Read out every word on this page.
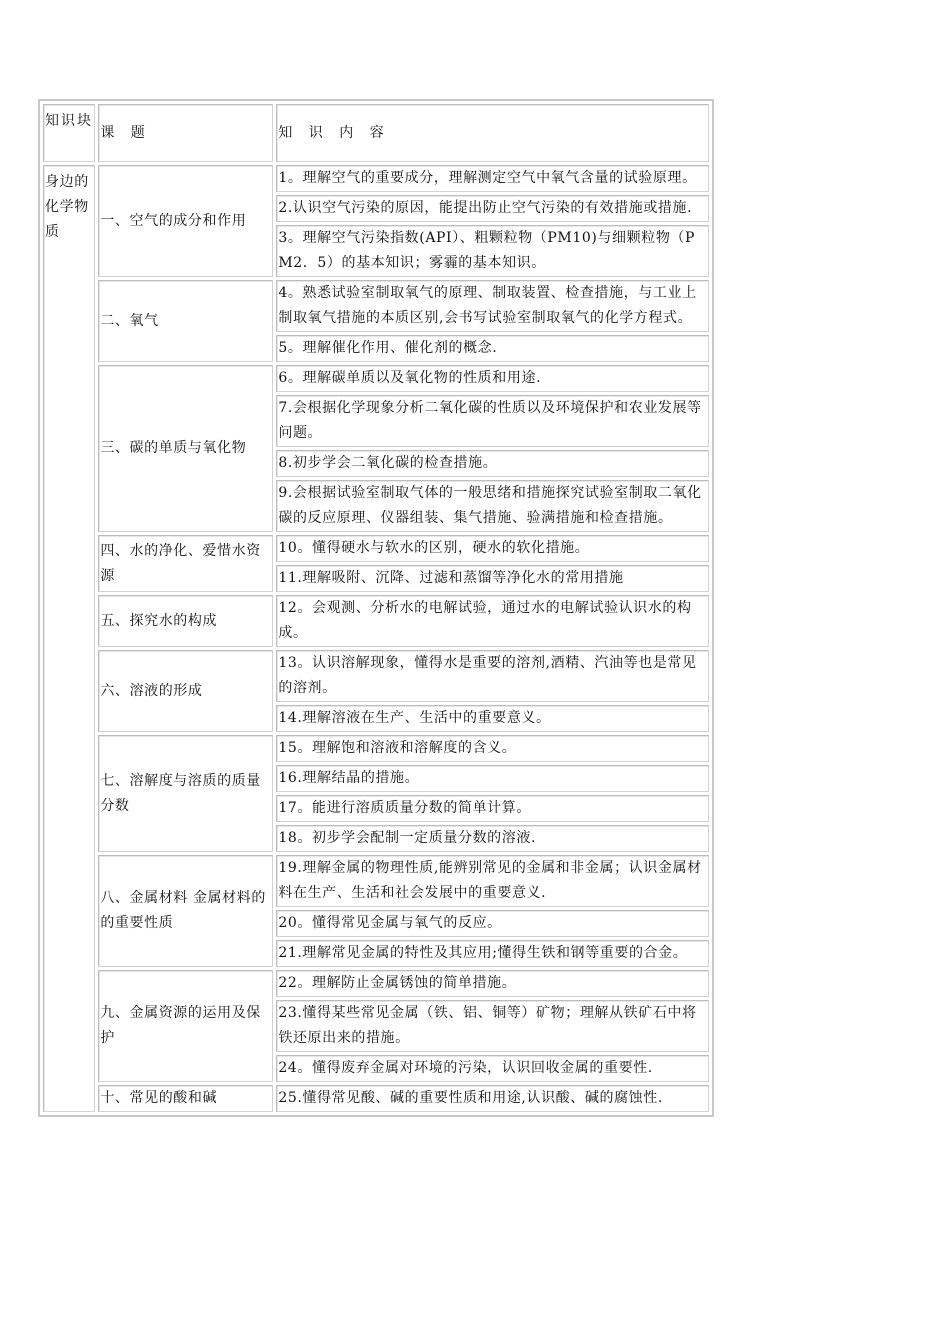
知识块	课 题	知 识 内 容
身边的化学物质	一、空气的成分和作用	1。理解空气的重要成分，理解测定空气中氧气含量的试验原理。
		2.认识空气污染的原因，能提出防止空气污染的有效措施或措施.
		3。理解空气污染指数(API）、粗颗粒物（PM10)与细颗粒物（PM2．5）的基本知识；雾霾的基本知识。
	二、氧气	4。熟悉试验室制取氧气的原理、制取装置、检查措施，与工业上制取氧气措施的本质区别,会书写试验室制取氧气的化学方程式。
		5。理解催化作用、催化剂的概念.
	三、碳的单质与氧化物	6。理解碳单质以及氧化物的性质和用途.
		7.会根据化学现象分析二氧化碳的性质以及环境保护和农业发展等问题。
		8.初步学会二氧化碳的检查措施。
		9.会根据试验室制取气体的一般思绪和措施探究试验室制取二氧化碳的反应原理、仪器组装、集气措施、验满措施和检查措施。
	四、水的净化、爱惜水资源	10。懂得硬水与软水的区别，硬水的软化措施。
		11.理解吸附、沉降、过滤和蒸馏等净化水的常用措施
	五、探究水的构成	12。会观测、分析水的电解试验，通过水的电解试验认识水的构成。
	六、溶液的形成	13。认识溶解现象，懂得水是重要的溶剂,酒精、汽油等也是常见的溶剂。
		14.理解溶液在生产、生活中的重要意义。
	七、溶解度与溶质的质量分数	15。理解饱和溶液和溶解度的含义。
		16.理解结晶的措施。
		17。能进行溶质质量分数的简单计算。
		18。初步学会配制一定质量分数的溶液.
	八、金属材料 金属材料的的重要性质	19.理解金属的物理性质,能辨别常见的金属和非金属；认识金属材料在生产、生活和社会发展中的重要意义.
		20。懂得常见金属与氧气的反应。
		21.理解常见金属的特性及其应用;懂得生铁和钢等重要的合金。
	九、金属资源的运用及保护	22。理解防止金属锈蚀的简单措施。
		23.懂得某些常见金属（铁、铝、铜等）矿物；理解从铁矿石中将铁还原出来的措施。
		24。懂得废弃金属对环境的污染，认识回收金属的重要性.
	十、常见的酸和碱	25.懂得常见酸、碱的重要性质和用途,认识酸、碱的腐蚀性.
